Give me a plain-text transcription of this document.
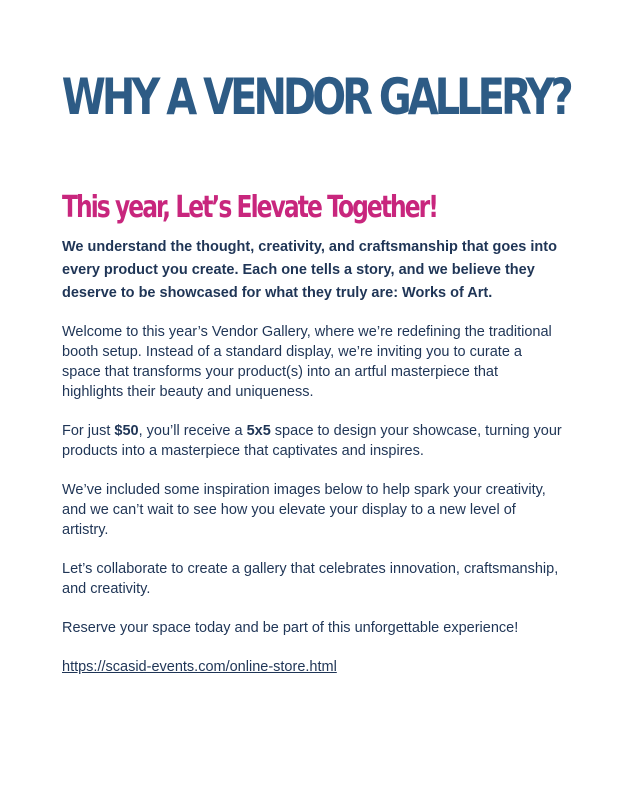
WHY A VENDOR GALLERY?
This year, Let’s Elevate Together!

We understand the thought, creativity, and craftsmanship that goes into every product you create. Each one tells a story, and we believe they deserve to be showcased for what they truly are: Works of Art.

Welcome to this year’s Vendor Gallery, where we’re redefining the traditional booth setup. Instead of a standard display, we’re inviting you to curate a space that transforms your product(s) into an artful masterpiece that highlights their beauty and uniqueness.

For just $50, you’ll receive a 5x5 space to design your showcase, turning your products into a masterpiece that captivates and inspires.

We’ve included some inspiration images below to help spark your creativity, and we can’t wait to see how you elevate your display to a new level of artistry.

Let’s collaborate to create a gallery that celebrates innovation, craftsmanship, and creativity.

Reserve your space today and be part of this unforgettable experience!

https://scasid-events.com/online-store.html
